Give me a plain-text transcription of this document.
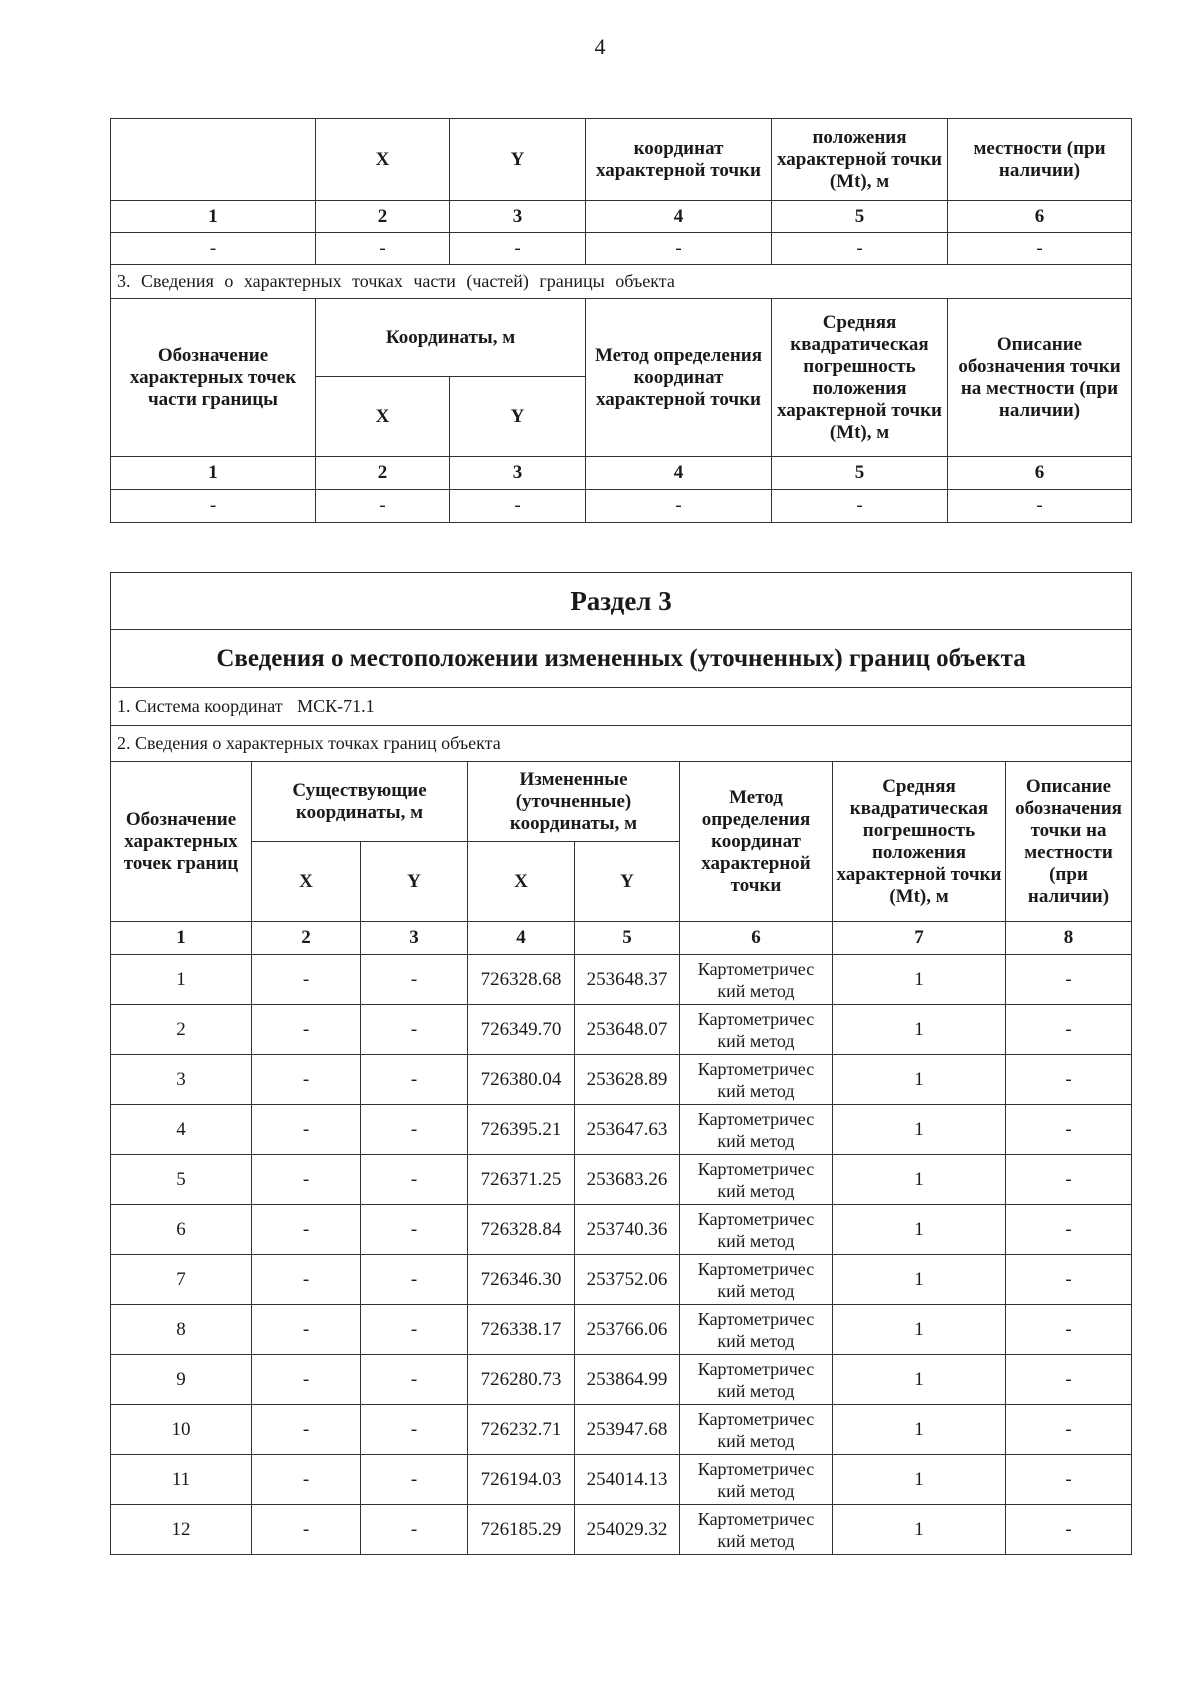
4
	X	Y	координат характерной точки	положения характерной точки (Mt), м	местности (при наличии)
1	2	3	4	5	6
-	-	-	-	-	-
3. Сведения о характерных точках части (частей) границы объекта					
Обозначение характерных точек части границы	Координаты, м		Метод определения координат характерной точки	Средняя квадратическая погрешность положения характерной точки (Mt), м	Описание обозначения точки на местности (при наличии)
	X	Y			
1	2	3	4	5	6
-	-	-	-	-	-
Раздел 3							
Сведения о местоположении измененных (уточненных) границ объекта							
1. Система координат МСК-71.1							
2. Сведения о характерных точках границ объекта							
Обозначение характерных точек границ	Существующие координаты, м		Измененные (уточненные) координаты, м		Метод определения координат характерной точки	Средняя квадратическая погрешность положения характерной точки (Mt), м	Описание обозначения точки на местности (при наличии)
	X	Y	X	Y			
1	2	3	4	5	6	7	8
1	-	-	726328.68	253648.37	Картометричес кий метод	1	-
2	-	-	726349.70	253648.07	Картометричес кий метод	1	-
3	-	-	726380.04	253628.89	Картометричес кий метод	1	-
4	-	-	726395.21	253647.63	Картометричес кий метод	1	-
5	-	-	726371.25	253683.26	Картометричес кий метод	1	-
6	-	-	726328.84	253740.36	Картометричес кий метод	1	-
7	-	-	726346.30	253752.06	Картометричес кий метод	1	-
8	-	-	726338.17	253766.06	Картометричес кий метод	1	-
9	-	-	726280.73	253864.99	Картометричес кий метод	1	-
10	-	-	726232.71	253947.68	Картометричес кий метод	1	-
11	-	-	726194.03	254014.13	Картометричес кий метод	1	-
12	-	-	726185.29	254029.32	Картометричес кий метод	1	-
